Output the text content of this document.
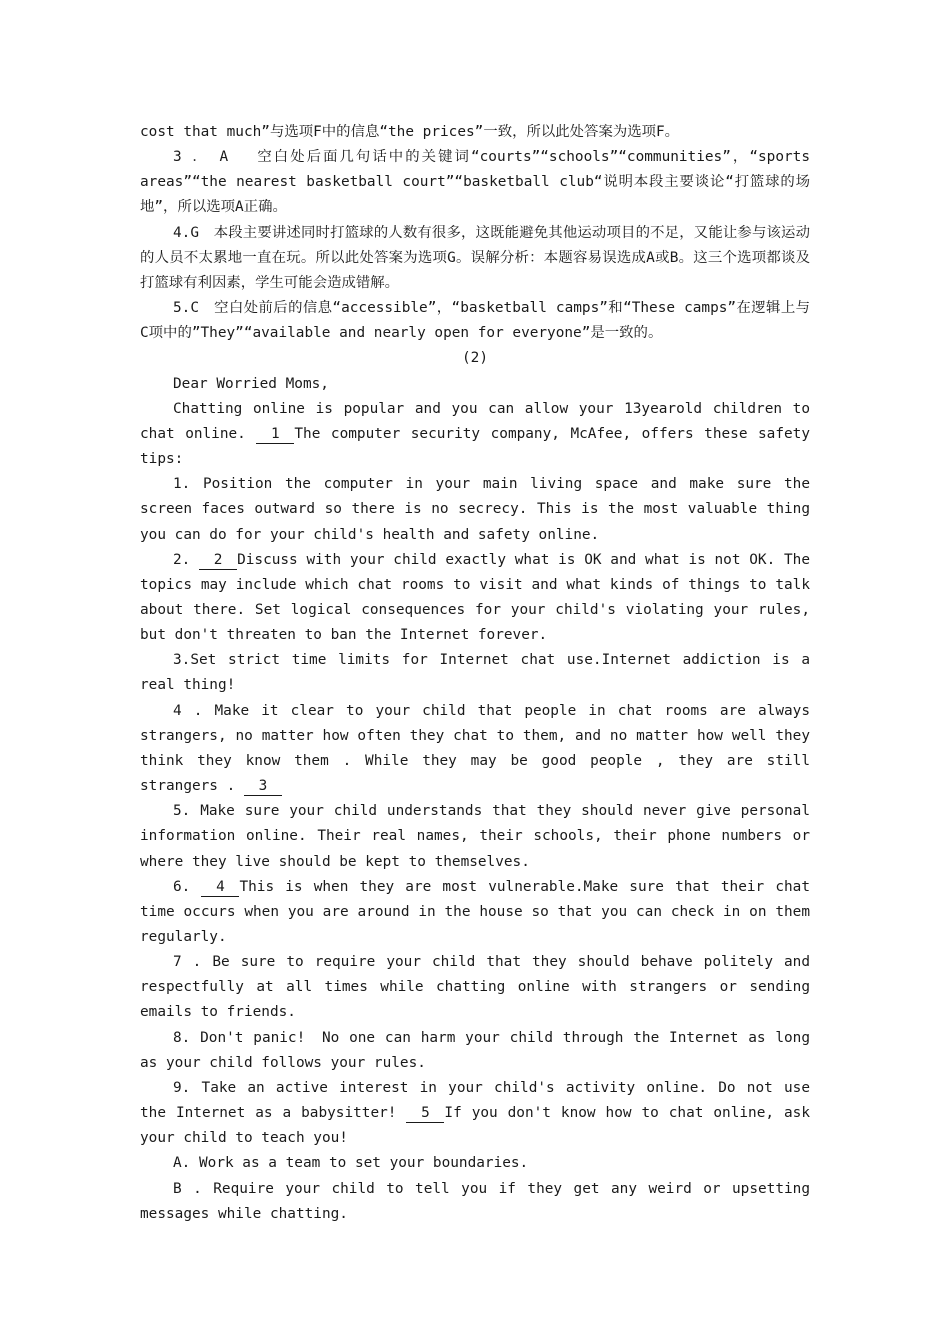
cost that much”与选项F中的信息“the prices”一致，所以此处答案为选项F。

3 ． A　 空白处后面几句话中的关键词“courts”“schools”“communities”，“sports areas”“the nearest basketball court”“basketball club“说明本段主要谈论“打篮球的场地”，所以选项A正确。

4.G　本段主要讲述同时打篮球的人数有很多，这既能避免其他运动项目的不足，又能让参与该运动的人员不太累地一直在玩。所以此处答案为选项G。误解分析：本题容易误选成A或B。这三个选项都谈及打篮球有利因素，学生可能会造成错解。

5.C　空白处前后的信息“accessible”，“basketball camps”和“These camps”在逻辑上与C项中的”They”“available and nearly open for everyone”是一致的。

(2)

Dear Worried Moms,

Chatting online is popular and you can allow your 13yearold children to chat online. 1 The computer security company, McAfee, offers these safety tips:

1. Position the computer in your main living space and make sure the screen faces outward so there is no secrecy. This is the most valuable thing you can do for your child's health and safety online.

2. 2 Discuss with your child exactly what is OK and what is not OK. The topics may include which chat rooms to visit and what kinds of things to talk about there. Set logical consequences for your child's violating your rules, but don't threaten to ban the Internet forever.

3.Set strict time limits for Internet chat use.Internet addiction is a real thing!

4 . Make it clear to your child that people in chat rooms are always strangers, no matter how often they chat to them, and no matter how well they think they know them . While they may be good people , they are still strangers . 3

5. Make sure your child understands that they should never give personal information online. Their real names, their schools, their phone numbers or where they live should be kept to themselves.

6. 4 This is when they are most vulnerable.Make sure that their chat time occurs when you are around in the house so that you can check in on them regularly.

7 . Be sure to require your child that they should behave politely and respectfully at all times while chatting online with strangers or sending emails to friends.

8. Don't panic!　No one can harm your child through the Internet as long as your child follows your rules.

9. Take an active interest in your child's activity online. Do not use the Internet as a babysitter! 5 If you don't know how to chat online, ask your child to teach you!

A. Work as a team to set your boundaries.

B . Require your child to tell you if they get any weird or upsetting messages while chatting.
